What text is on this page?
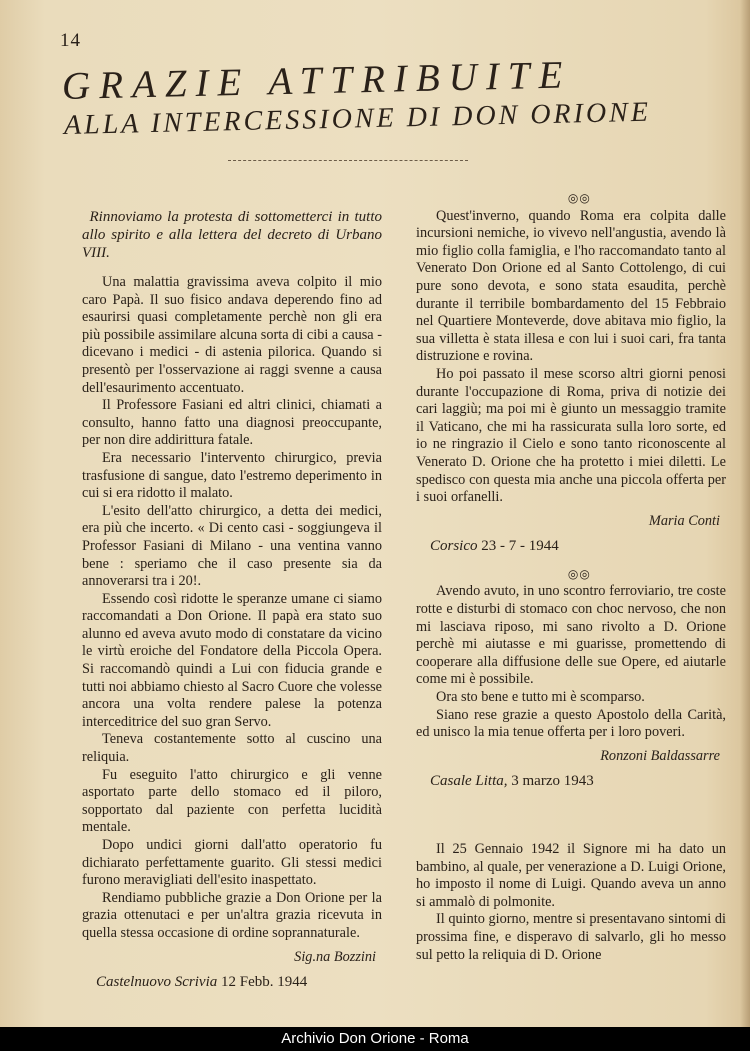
14
GRAZIE ATTRIBUITE
ALLA INTERCESSIONE DI DON ORIONE

Rinnoviamo la protesta di sottometterci in tutto allo spirito e alla lettera del decreto di Urbano VIII.

Una malattia gravissima aveva colpito il mio caro Papà. Il suo fisico andava deperendo fino ad esaurirsi quasi completamente perchè non gli era più possibile assimilare alcuna sorta di cibi a causa - dicevano i medici - di astenia pilorica. Quando si presentò per l'osservazione ai raggi svenne a causa dell'esaurimento accentuato.

Il Professore Fasiani ed altri clinici, chiamati a consulto, hanno fatto una diagnosi preoccupante, per non dire addirittura fatale.

Era necessario l'intervento chirurgico, previa trasfusione di sangue, dato l'estremo deperimento in cui si era ridotto il malato.

L'esito dell'atto chirurgico, a detta dei medici, era più che incerto. « Di cento casi - soggiungeva il Professor Fasiani di Milano - una ventina vanno bene : speriamo che il caso presente sia da annoverarsi tra i 20!.

Essendo così ridotte le speranze umane ci siamo raccomandati a Don Orione. Il papà era stato suo alunno ed aveva avuto modo di constatare da vicino le virtù eroiche del Fondatore della Piccola Opera. Si raccomandò quindi a Lui con fiducia grande e tutti noi abbiamo chiesto al Sacro Cuore che volesse ancora una volta rendere palese la potenza interceditrice del suo gran Servo.

Teneva costantemente sotto al cuscino una reliquia.

Fu eseguito l'atto chirurgico e gli venne asportato parte dello stomaco ed il piloro, sopportato dal paziente con perfetta lucidità mentale.

Dopo undici giorni dall'atto operatorio fu dichiarato perfettamente guarito. Gli stessi medici furono meravigliati dell'esito inaspettato.

Rendiamo pubbliche grazie a Don Orione per la grazia ottenutaci e per un'altra grazia ricevuta in quella stessa occasione di ordine soprannaturale.

Sig.na Bozzini

Castelnuovo Scrivia 12 Febb. 1944

◎◎

Quest'inverno, quando Roma era colpita dalle incursioni nemiche, io vivevo nell'angustia, avendo là mio figlio colla famiglia, e l'ho raccomandato tanto al Venerato Don Orione ed al Santo Cottolengo, di cui pure sono devota, e sono stata esaudita, perchè durante il terribile bombardamento del 15 Febbraio nel Quartiere Monteverde, dove abitava mio figlio, la sua villetta è stata illesa e con lui i suoi cari, fra tanta distruzione e rovina.

Ho poi passato il mese scorso altri giorni penosi durante l'occupazione di Roma, priva di notizie dei cari laggiù; ma poi mi è giunto un messaggio tramite il Vaticano, che mi ha rassicurata sulla loro sorte, ed io ne ringrazio il Cielo e sono tanto riconoscente al Venerato D. Orione che ha protetto i miei diletti. Le spedisco con questa mia anche una piccola offerta per i suoi orfanelli.

Maria Conti

Corsico 23 - 7 - 1944

◎◎

Avendo avuto, in uno scontro ferroviario, tre coste rotte e disturbi di stomaco con choc nervoso, che non mi lasciava riposo, mi sano rivolto a D. Orione perchè mi aiutasse e mi guarisse, promettendo di cooperare alla diffusione delle sue Opere, ed aiutarle come mi è possibile.

Ora sto bene e tutto mi è scomparso.

Siano rese grazie a questo Apostolo della Carità, ed unisco la mia tenue offerta per i loro poveri.

Ronzoni Baldassarre

Casale Litta, 3 marzo 1943

Il 25 Gennaio 1942 il Signore mi ha dato un bambino, al quale, per venerazione a D. Luigi Orione, ho imposto il nome di Luigi. Quando aveva un anno si ammalò di polmonite.

Il quinto giorno, mentre si presentavano sintomi di prossima fine, e disperavo di salvarlo, gli ho messo sul petto la reliquia di D. Orione

Archivio Don Orione - Roma
